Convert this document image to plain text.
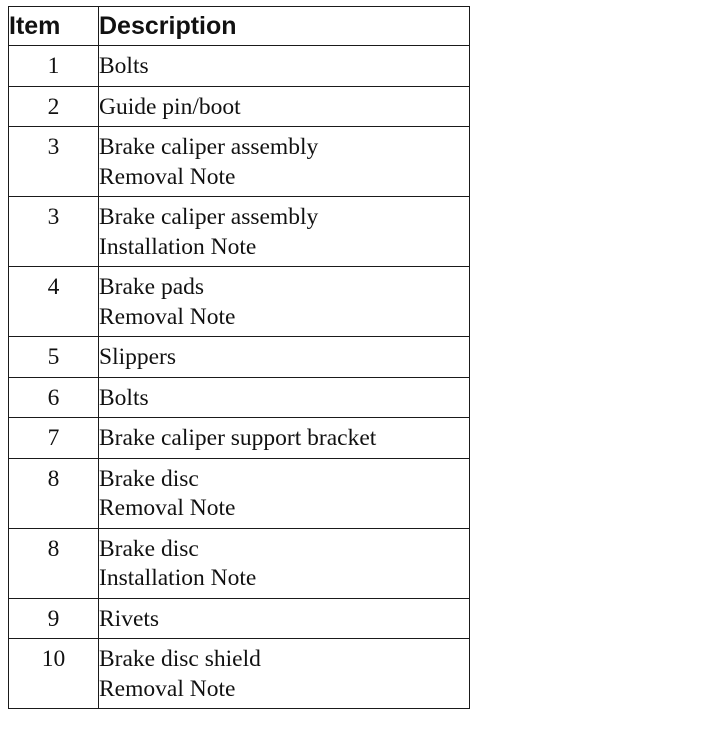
Item	Description
1	Bolts

2	Guide pin/boot

3	Brake caliper assembly
Removal Note

3	Brake caliper assembly
Installation Note

4	Brake pads
Removal Note

5	Slippers

6	Bolts

7	Brake caliper support bracket

8	Brake disc
Removal Note

8	Brake disc
Installation Note

9	Rivets

10	Brake disc shield
Removal Note
